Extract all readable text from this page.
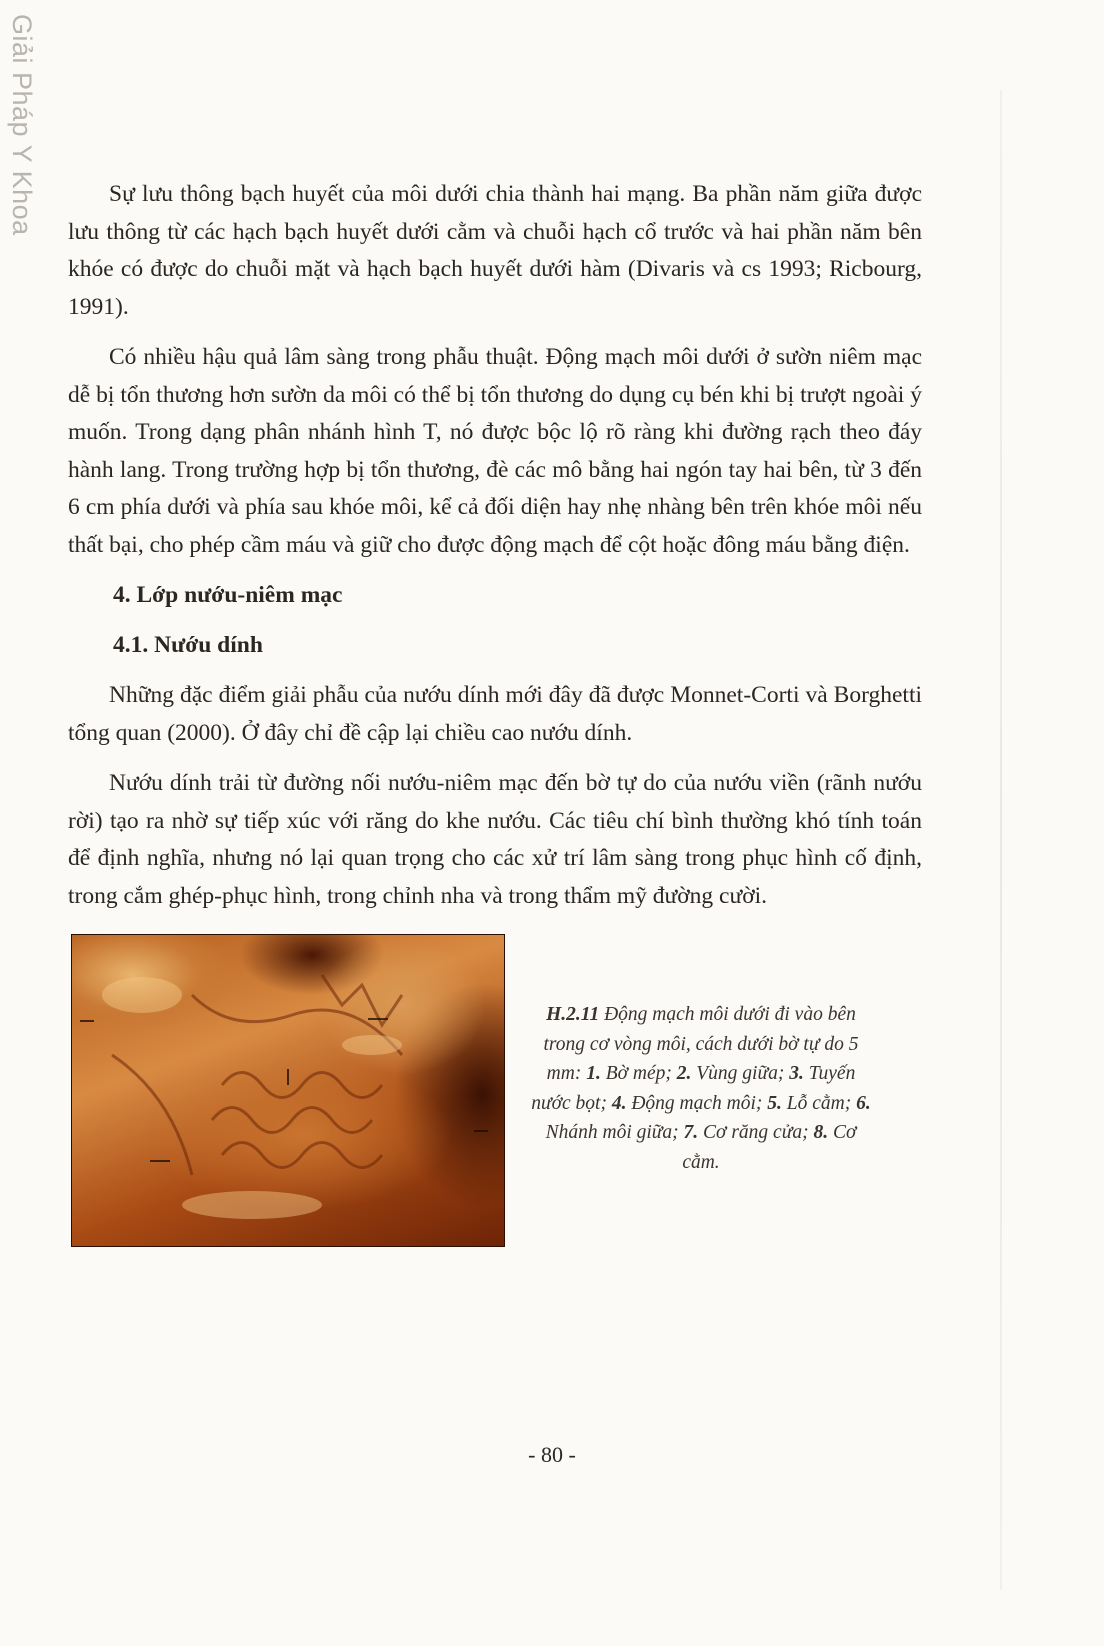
Giải Pháp Y Khoa	Sự lưu thông bạch huyết của môi dưới chia thành hai mạng. Ba phần năm giữa được lưu thông từ các hạch bạch huyết dưới cằm và chuỗi hạch cổ trước và hai phần năm bên khóe có được do chuỗi mặt và hạch bạch huyết dưới hàm (Divaris và cs 1993; Ricbourg, 1991).

Có nhiều hậu quả lâm sàng trong phẫu thuật. Động mạch môi dưới ở sườn niêm mạc dễ bị tổn thương hơn sườn da môi có thể bị tổn thương do dụng cụ bén khi bị trượt ngoài ý muốn. Trong dạng phân nhánh hình T, nó được bộc lộ rõ ràng khi đường rạch theo đáy hành lang. Trong trường hợp bị tổn thương, đè các mô bằng hai ngón tay hai bên, từ 3 đến 6 cm phía dưới và phía sau khóe môi, kể cả đối diện hay nhẹ nhàng bên trên khóe môi nếu thất bại, cho phép cầm máu và giữ cho được động mạch để cột hoặc đông máu bằng điện.

4. Lớp nướu-niêm mạc
4.1. Nướu dính

Những đặc điểm giải phẫu của nướu dính mới đây đã được Monnet-Corti và Borghetti tổng quan (2000). Ở đây chỉ đề cập lại chiều cao nướu dính.

Nướu dính trải từ đường nối nướu-niêm mạc đến bờ tự do của nướu viền (rãnh nướu rời) tạo ra nhờ sự tiếp xúc với răng do khe nướu. Các tiêu chí bình thường khó tính toán để định nghĩa, nhưng nó lại quan trọng cho các xử trí lâm sàng trong phục hình cố định, trong cắm ghép-phục hình, trong chỉnh nha và trong thẩm mỹ đường cười.

H.2.11 Động mạch môi dưới đi vào bên trong cơ vòng môi, cách dưới bờ tự do 5 mm: 1. Bờ mép; 2. Vùng giữa; 3. Tuyến nước bọt; 4. Động mạch môi; 5. Lỗ cằm; 6. Nhánh môi giữa; 7. Cơ răng cửa; 8. Cơ cằm.

- 80 -
